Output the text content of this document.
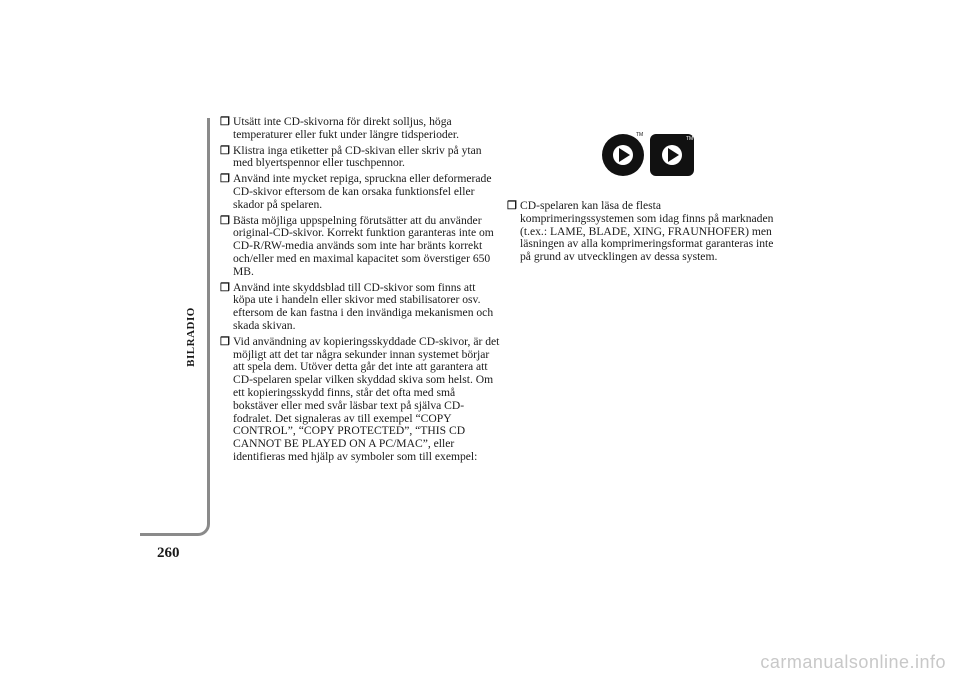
BILRADIO
260

❒ Utsätt inte CD-skivorna för direkt solljus, höga temperaturer eller fukt under längre tidsperioder.

❒ Klistra inga etiketter på CD-skivan eller skriv på ytan med blyertspennor eller tuschpennor.

❒ Använd inte mycket repiga, spruckna eller deformerade CD-skivor eftersom de kan orsaka funktionsfel eller skador på spelaren.

❒ Bästa möjliga uppspelning förutsätter att du använder original-CD-skivor. Korrekt funktion garanteras inte om CD-R/RW-media används som inte har bränts korrekt och/eller med en maximal kapacitet som överstiger 650 MB.

❒ Använd inte skyddsblad till CD-skivor som finns att köpa ute i handeln eller skivor med stabilisatorer osv. eftersom de kan fastna i den invändiga mekanismen och skada skivan.

❒ Vid användning av kopieringsskyddade CD-skivor, är det möjligt att det tar några sekunder innan systemet börjar att spela dem. Utöver detta går det inte att garantera att CD-spelaren spelar vilken skyddad skiva som helst. Om ett kopieringsskydd finns, står det ofta med små bokstäver eller med svår läsbar text på själva CD-fodralet. Det signaleras av till exempel “COPY CONTROL”, “COPY PROTECTED”, “THIS CD CANNOT BE PLAYED ON A PC/MAC”, eller identifieras med hjälp av symboler som till exempel:

TM
TM

❒ CD-spelaren kan läsa de flesta komprimeringssystemen som idag finns på marknaden (t.ex.: LAME, BLADE, XING, FRAUNHOFER) men läsningen av alla komprimeringsformat garanteras inte på grund av utvecklingen av dessa system.

carmanualsonline.info
